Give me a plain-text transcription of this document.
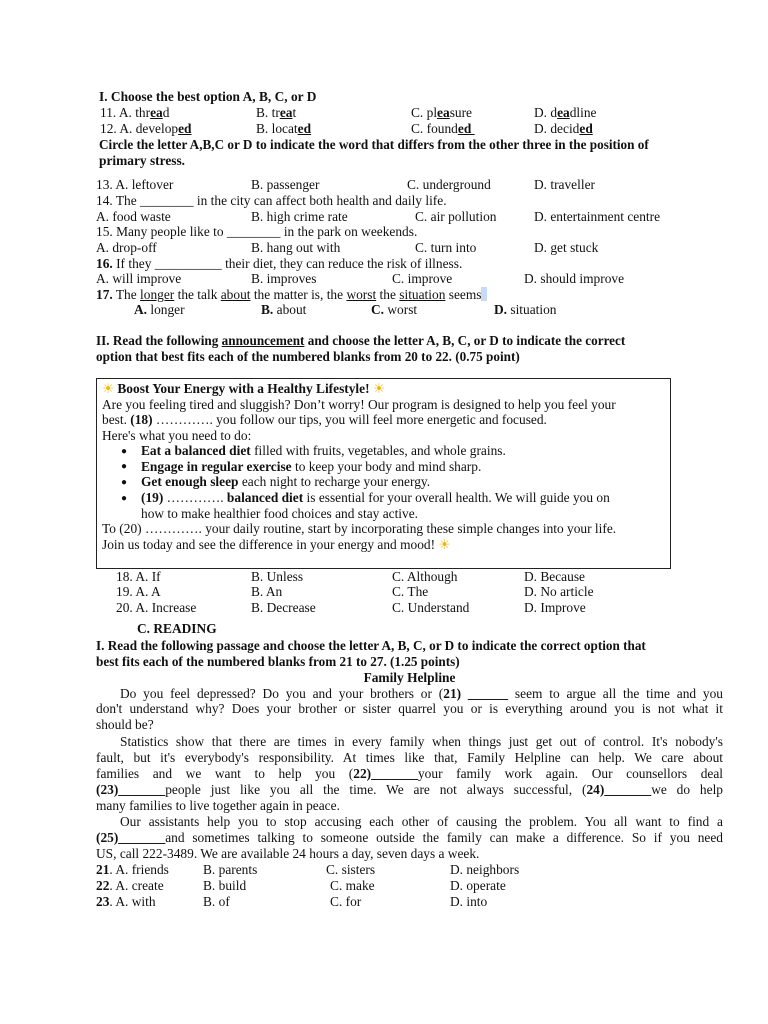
I. Choose the best option A, B, C, or D
11. A. thread	B. treat	C. pleasure	D. deadline
12. A. developed	B. located	C. founded	D. decided
Circle the letter A,B,C or D to indicate the word that differs from the other three in the position of
primary stress.
13. A. leftover	B. passenger	C. underground	D. traveller
14. The ________ in the city can affect both health and daily life.
A. food waste	B. high crime rate	C. air pollution	D. entertainment centre
15. Many people like to ________ in the park on weekends.
A. drop-off	B. hang out with	C. turn into	D. get stuck
16. If they __________ their diet, they can reduce the risk of illness.
A. will improve	B. improves	C. improve	D. should improve
17. The longer the talk about the matter is, the worst the situation seems
A. longer	B. about	C. worst	D. situation
II. Read the following announcement and choose the letter A, B, C, or D to indicate the correct
option that best fits each of the numbered blanks from 20 to 22. (0.75 point)
☀ Boost Your Energy with a Healthy Lifestyle! ☀
Are you feeling tired and sluggish? Don’t worry! Our program is designed to help you feel your
best. (18) …………. you follow our tips, you will feel more energetic and focused.
Here's what you need to do:
● Eat a balanced diet filled with fruits, vegetables, and whole grains.
● Engage in regular exercise to keep your body and mind sharp.
● Get enough sleep each night to recharge your energy.
● (19) …………. balanced diet is essential for your overall health. We will guide you on
how to make healthier food choices and stay active.
To (20) …………. your daily routine, start by incorporating these simple changes into your life.
Join us today and see the difference in your energy and mood! ☀
18. A. If	B. Unless	C. Although	D. Because
19. A. A	B. An	C. The	D. No article
20. A. Increase	B. Decrease	C. Understand	D. Improve
C. READING
I. Read the following passage and choose the letter A, B, C, or D to indicate the correct option that
best fits each of the numbered blanks from 21 to 27. (1.25 points)
Family Helpline
Do you feel depressed? Do you and your brothers or (21) ______ seem to argue all the time and you
don't understand why? Does your brother or sister quarrel you or is everything around you is not what it
should be?
Statistics show that there are times in every family when things just get out of control. It's nobody's
fault, but it's everybody's responsibility. At times like that, Family Helpline can help. We care about
families and we want to help you (22)_______your family work again. Our counsellors deal
(23)_______people just like you all the time. We are not always successful, (24)_______we do help
many families to live together again in peace.
Our assistants help you to stop accusing each other of causing the problem. You all want to find a
(25)_______and sometimes talking to someone outside the family can make a difference. So if you need
US, call 222-3489. We are available 24 hours a day, seven days a week.
21. A. friends	B. parents	C. sisters	D. neighbors
22. A. create	B. build	C. make	D. operate
23. A. with	B. of	C. for	D. into
